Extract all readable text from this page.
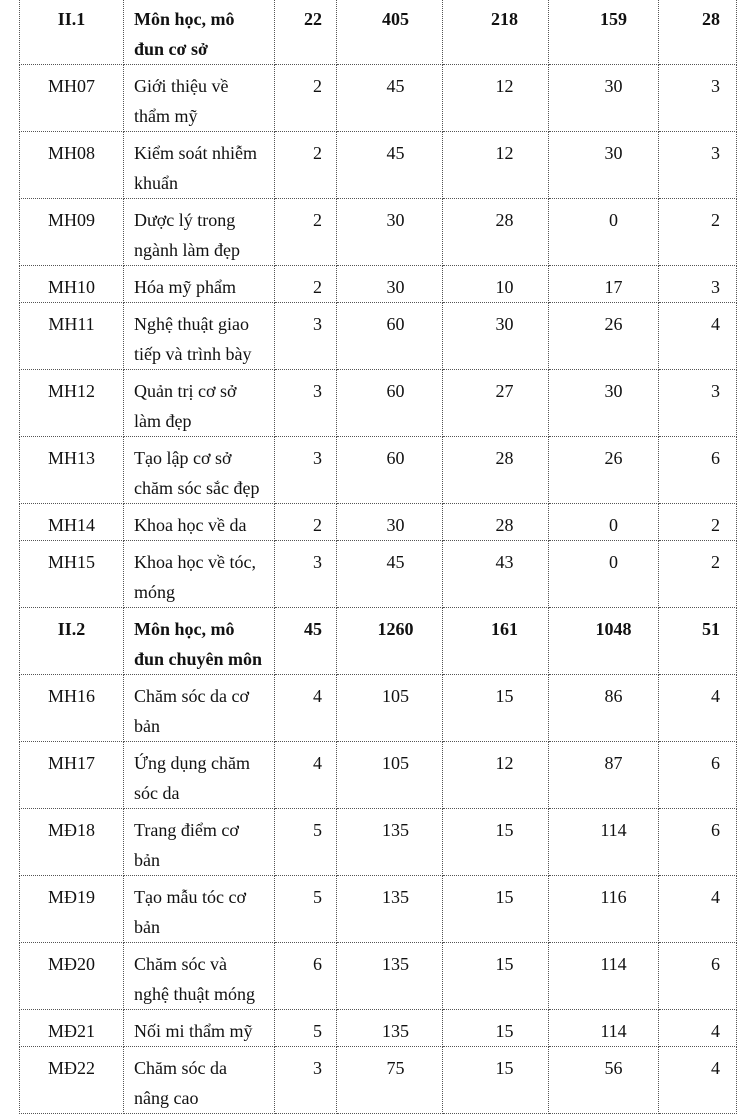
II.1	Môn học, mô đun cơ sở	22	405	218	159	28
MH07	Giới thiệu về thẩm mỹ	2	45	12	30	3
MH08	Kiểm soát nhiễm khuẩn	2	45	12	30	3
MH09	Dược lý trong ngành làm đẹp	2	30	28	0	2
MH10	Hóa mỹ phẩm	2	30	10	17	3
MH11	Nghệ thuật giao tiếp và trình bày	3	60	30	26	4
MH12	Quản trị cơ sở làm đẹp	3	60	27	30	3
MH13	Tạo lập cơ sở chăm sóc sắc đẹp	3	60	28	26	6
MH14	Khoa học về da	2	30	28	0	2
MH15	Khoa học về tóc, móng	3	45	43	0	2
II.2	Môn học, mô đun chuyên môn	45	1260	161	1048	51
MH16	Chăm sóc da cơ bản	4	105	15	86	4
MH17	Ứng dụng chăm sóc da	4	105	12	87	6
MĐ18	Trang điểm cơ bản	5	135	15	114	6
MĐ19	Tạo mẫu tóc cơ bản	5	135	15	116	4
MĐ20	Chăm sóc và nghệ thuật móng	6	135	15	114	6
MĐ21	Nối mi thẩm mỹ	5	135	15	114	4
MĐ22	Chăm sóc da nâng cao	3	75	15	56	4
